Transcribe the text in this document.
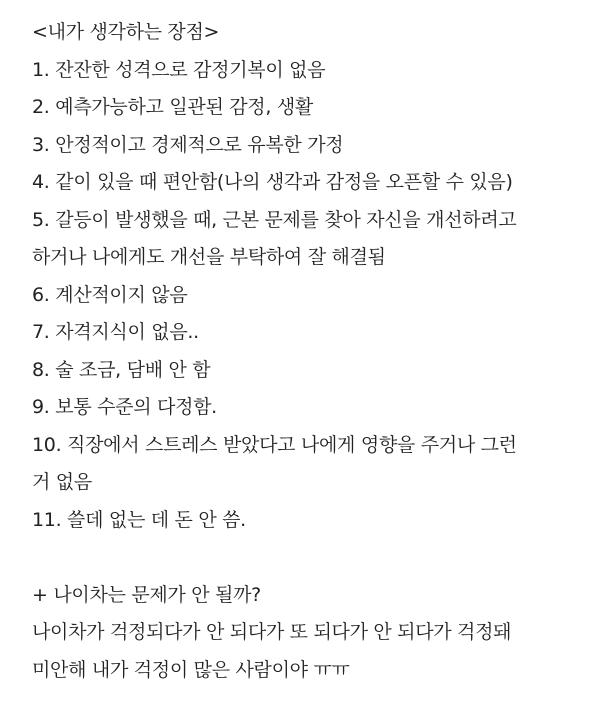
<내가 생각하는 장점>
1. 잔잔한 성격으로 감정기복이 없음
2. 예측가능하고 일관된 감정, 생활
3. 안정적이고 경제적으로 유복한 가정
4. 같이 있을 때 편안함(나의 생각과 감정을 오픈할 수 있음)
5. 갈등이 발생했을 때, 근본 문제를 찾아 자신을 개선하려고
하거나 나에게도 개선을 부탁하여 잘 해결됨
6. 계산적이지 않음
7. 자격지식이 없음..
8. 술 조금, 담배 안 함
9. 보통 수준의 다정함.
10. 직장에서 스트레스 받았다고 나에게 영향을 주거나 그런
거 없음
11. 쓸데 없는 데 돈 안 씀.
+ 나이차는 문제가 안 될까?
나이차가 걱정되다가 안 되다가 또 되다가 안 되다가 걱정돼
미안해 내가 걱정이 많은 사람이야 ㅠㅠ
